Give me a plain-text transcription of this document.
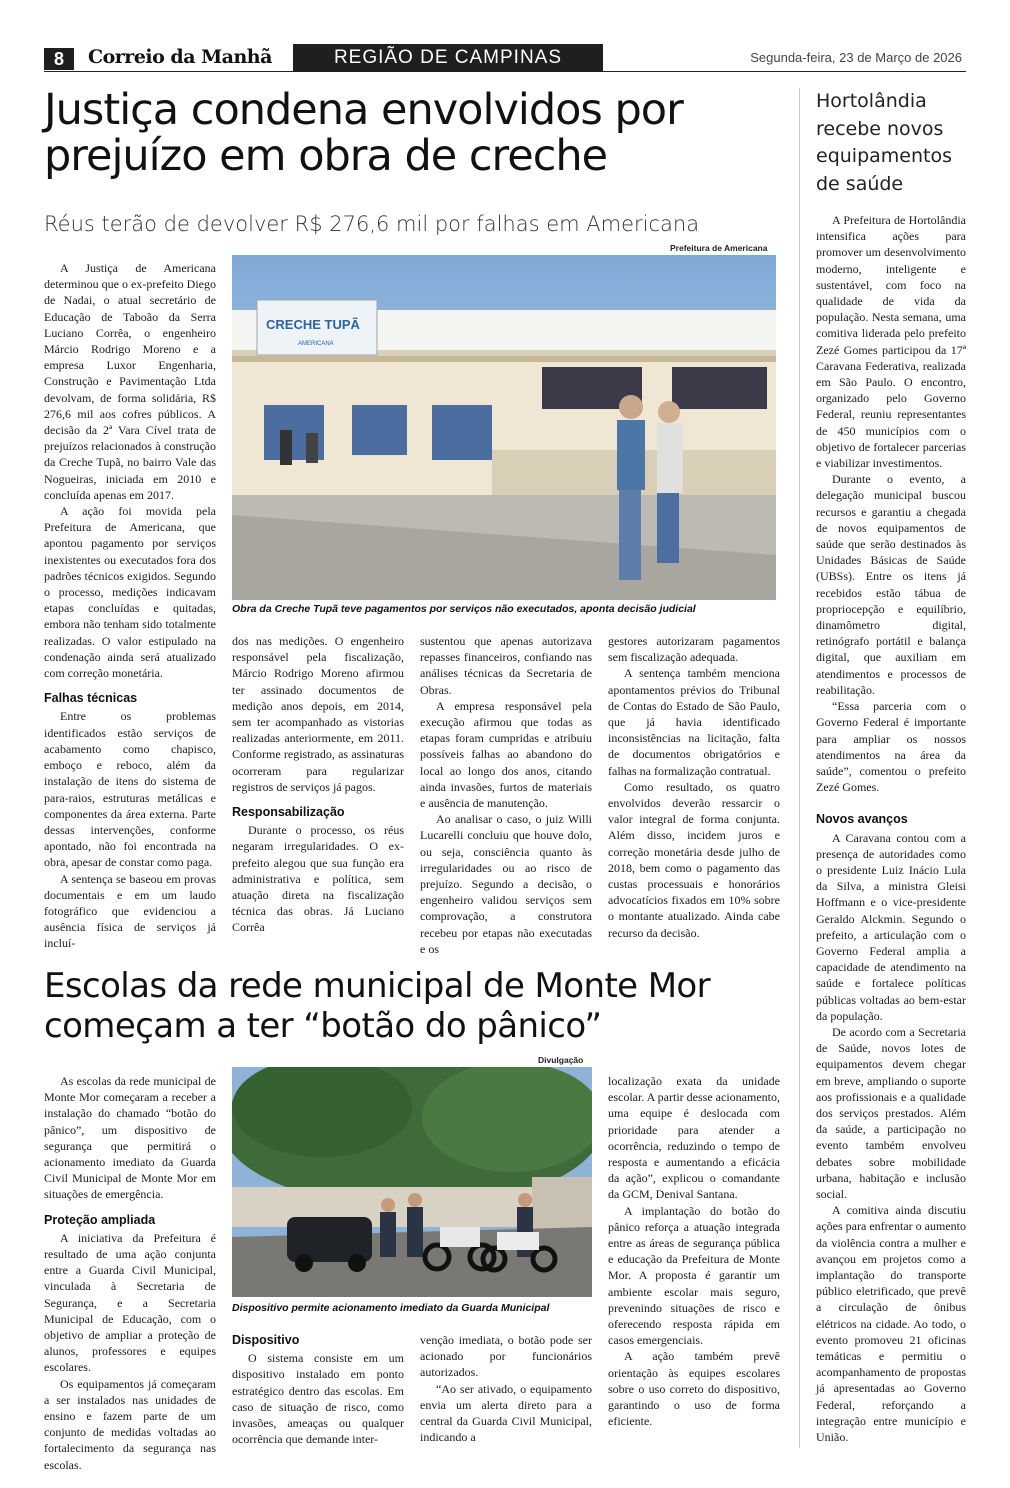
8	Correio da Manhã	REGIÃO DE CAMPINAS	Segunda-feira, 23 de Março de 2026
Justiça condena envolvidos por prejuízo em obra de creche
Réus terão de devolver R$ 276,6 mil por falhas em Americana
Prefeitura de Americana
CRECHE TUPÃ
AMERICANA
Obra da Creche Tupã teve pagamentos por serviços não executados, aponta decisão judicial

A Justiça de Americana determinou que o ex-prefeito Diego de Nadai, o atual secretário de Educação de Taboão da Serra Luciano Corrêa, o engenheiro Márcio Rodrigo Moreno e a empresa Luxor Engenharia, Construção e Pavimentação Ltda devolvam, de forma solidária, R$ 276,6 mil aos cofres públicos. A decisão da 2ª Vara Cível trata de prejuízos relacionados à construção da Creche Tupã, no bairro Vale das Nogueiras, iniciada em 2010 e concluída apenas em 2017.

A ação foi movida pela Prefeitura de Americana, que apontou pagamento por serviços inexistentes ou executados fora dos padrões técnicos exigidos. Segundo o processo, medições indicavam etapas concluídas e quitadas, embora não tenham sido totalmente realizadas. O valor estipulado na condenação ainda será atualizado com correção monetária.

Falhas técnicas

Entre os problemas identificados estão serviços de acabamento como chapisco, emboço e reboco, além da instalação de itens do sistema de para-raios, estruturas metálicas e componentes da área externa. Parte dessas intervenções, conforme apontado, não foi encontrada na obra, apesar de constar como paga.

A sentença se baseou em provas documentais e em um laudo fotográfico que evidenciou a ausência física de serviços já incluí-

dos nas medições. O engenheiro responsável pela fiscalização, Márcio Rodrigo Moreno afirmou ter assinado documentos de medição anos depois, em 2014, sem ter acompanhado as vistorias realizadas anteriormente, em 2011. Conforme registrado, as assinaturas ocorreram para regularizar registros de serviços já pagos.

Responsabilização

Durante o processo, os réus negaram irregularidades. O ex-prefeito alegou que sua função era administrativa e política, sem atuação direta na fiscalização técnica das obras. Já Luciano Corrêa

sustentou que apenas autorizava repasses financeiros, confiando nas análises técnicas da Secretaria de Obras.

A empresa responsável pela execução afirmou que todas as etapas foram cumpridas e atribuiu possíveis falhas ao abandono do local ao longo dos anos, citando ainda invasões, furtos de materiais e ausência de manutenção.

Ao analisar o caso, o juiz Willi Lucarelli concluiu que houve dolo, ou seja, consciência quanto às irregularidades ou ao risco de prejuízo. Segundo a decisão, o engenheiro validou serviços sem comprovação, a construtora recebeu por etapas não executadas e os

gestores autorizaram pagamentos sem fiscalização adequada.

A sentença também menciona apontamentos prévios do Tribunal de Contas do Estado de São Paulo, que já havia identificado inconsistências na licitação, falta de documentos obrigatórios e falhas na formalização contratual.

Como resultado, os quatro envolvidos deverão ressarcir o valor integral de forma conjunta. Além disso, incidem juros e correção monetária desde julho de 2018, bem como o pagamento das custas processuais e honorários advocatícios fixados em 10% sobre o montante atualizado. Ainda cabe recurso da decisão.

Hortolândia recebe novos equipamentos de saúde

A Prefeitura de Hortolândia intensifica ações para promover um desenvolvimento moderno, inteligente e sustentável, com foco na qualidade de vida da população. Nesta semana, uma comitiva liderada pelo prefeito Zezé Gomes participou da 17ª Caravana Federativa, realizada em São Paulo. O encontro, organizado pelo Governo Federal, reuniu representantes de 450 municípios com o objetivo de fortalecer parcerias e viabilizar investimentos.

Durante o evento, a delegação municipal buscou recursos e garantiu a chegada de novos equipamentos de saúde que serão destinados às Unidades Básicas de Saúde (UBSs). Entre os itens já recebidos estão tábua de propriocepção e equilíbrio, dinamômetro digital, retinógrafo portátil e balança digital, que auxiliam em atendimentos e processos de reabilitação.

“Essa parceria com o Governo Federal é importante para ampliar os nossos atendimentos na área da saúde”, comentou o prefeito Zezé Gomes.

Novos avanços

A Caravana contou com a presença de autoridades como o presidente Luiz Inácio Lula da Silva, a ministra Gleisi Hoffmann e o vice-presidente Geraldo Alckmin. Segundo o prefeito, a articulação com o Governo Federal amplia a capacidade de atendimento na saúde e fortalece políticas públicas voltadas ao bem-estar da população.

De acordo com a Secretaria de Saúde, novos lotes de equipamentos devem chegar em breve, ampliando o suporte aos profissionais e a qualidade dos serviços prestados. Além da saúde, a participação no evento também envolveu debates sobre mobilidade urbana, habitação e inclusão social.

A comitiva ainda discutiu ações para enfrentar o aumento da violência contra a mulher e avançou em projetos como a implantação do transporte público eletrificado, que prevê a circulação de ônibus elétricos na cidade. Ao todo, o evento promoveu 21 oficinas temáticas e permitiu o acompanhamento de propostas já apresentadas ao Governo Federal, reforçando a integração entre município e União.

Escolas da rede municipal de Monte Mor começam a ter “botão do pânico”
Divulgação
Dispositivo permite acionamento imediato da Guarda Municipal

As escolas da rede municipal de Monte Mor começaram a receber a instalação do chamado “botão do pânico”, um dispositivo de segurança que permitirá o acionamento imediato da Guarda Civil Municipal de Monte Mor em situações de emergência.

Proteção ampliada

A iniciativa da Prefeitura é resultado de uma ação conjunta entre a Guarda Civil Municipal, vinculada à Secretaria de Segurança, e a Secretaria Municipal de Educação, com o objetivo de ampliar a proteção de alunos, professores e equipes escolares.

Os equipamentos já começaram a ser instalados nas unidades de ensino e fazem parte de um conjunto de medidas voltadas ao fortalecimento da segurança nas escolas.

Dispositivo

O sistema consiste em um dispositivo instalado em ponto estratégico dentro das escolas. Em caso de situação de risco, como invasões, ameaças ou qualquer ocorrência que demande inter-

venção imediata, o botão pode ser acionado por funcionários autorizados.

“Ao ser ativado, o equipamento envia um alerta direto para a central da Guarda Civil Municipal, indicando a

localização exata da unidade escolar. A partir desse acionamento, uma equipe é deslocada com prioridade para atender a ocorrência, reduzindo o tempo de resposta e aumentando a eficácia da ação”, explicou o comandante da GCM, Denival Santana.

A implantação do botão do pânico reforça a atuação integrada entre as áreas de segurança pública e educação da Prefeitura de Monte Mor. A proposta é garantir um ambiente escolar mais seguro, prevenindo situações de risco e oferecendo resposta rápida em casos emergenciais.

A ação também prevê orientação às equipes escolares sobre o uso correto do dispositivo, garantindo o uso de forma eficiente.
